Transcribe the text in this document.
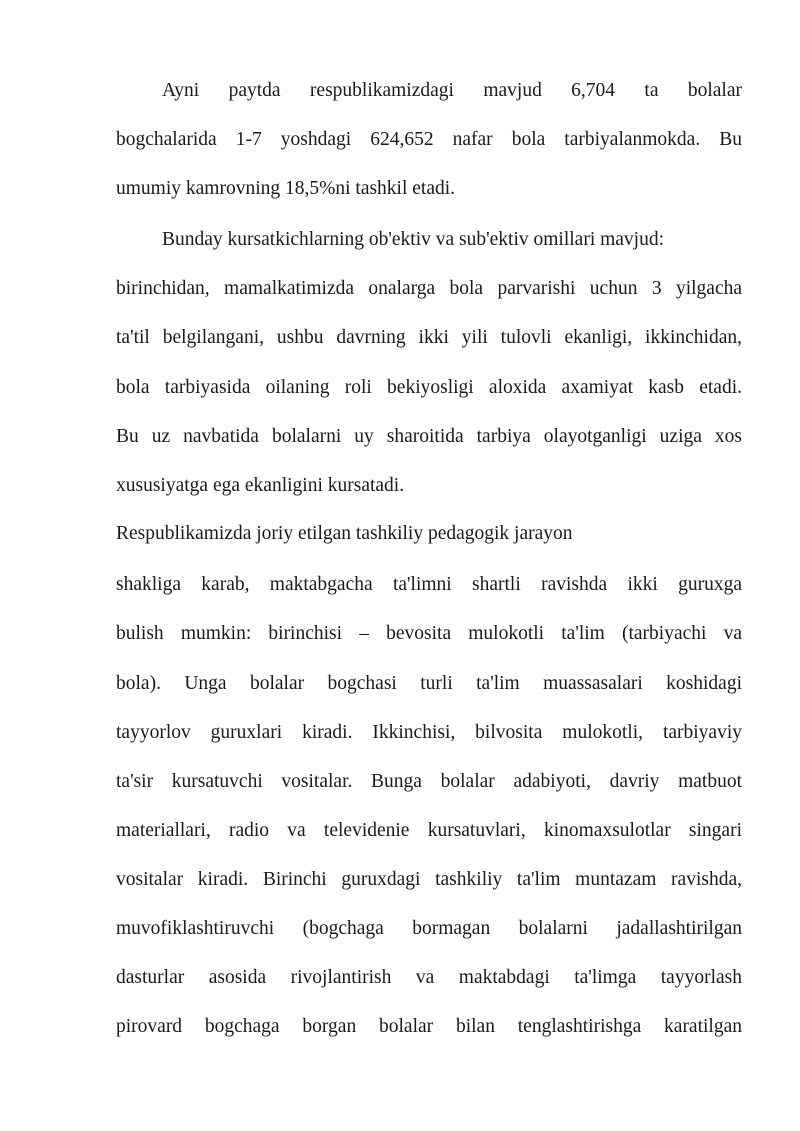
Ayni paytda respublikamizdagi mavjud 6,704 ta bolalar
bogchalarida 1-7 yoshdagi 624,652 nafar bola tarbiyalanmokda. Bu
umumiy kamrovning 18,5%ni tashkil etadi.
Bunday kursatkichlarning ob'ektiv va sub'ektiv omillari mavjud:
birinchidan, mamalkatimizda onalarga bola parvarishi uchun 3 yilgacha
ta'til belgilangani, ushbu davrning ikki yili tulovli ekanligi, ikkinchidan,
bola tarbiyasida oilaning roli bekiyosligi aloxida axamiyat kasb etadi.
Bu uz navbatida bolalarni uy sharoitida tarbiya olayotganligi uziga xos
xususiyatga ega ekanligini kursatadi.
Respublikamizda joriy etilgan tashkiliy pedagogik jarayon
shakliga karab, maktabgacha ta'limni shartli ravishda ikki guruxga
bulish mumkin: birinchisi – bevosita mulokotli ta'lim (tarbiyachi va
bola). Unga bolalar bogchasi turli ta'lim muassasalari koshidagi
tayyorlov guruxlari kiradi. Ikkinchisi, bilvosita mulokotli, tarbiyaviy
ta'sir kursatuvchi vositalar. Bunga bolalar adabiyoti, davriy matbuot
materiallari, radio va televidenie kursatuvlari, kinomaxsulotlar singari
vositalar kiradi. Birinchi guruxdagi tashkiliy ta'lim muntazam ravishda,
muvofiklashtiruvchi (bogchaga bormagan bolalarni jadallashtirilgan
dasturlar asosida rivojlantirish va maktabdagi ta'limga tayyorlash
pirovard bogchaga borgan bolalar bilan tenglashtirishga karatilgan
